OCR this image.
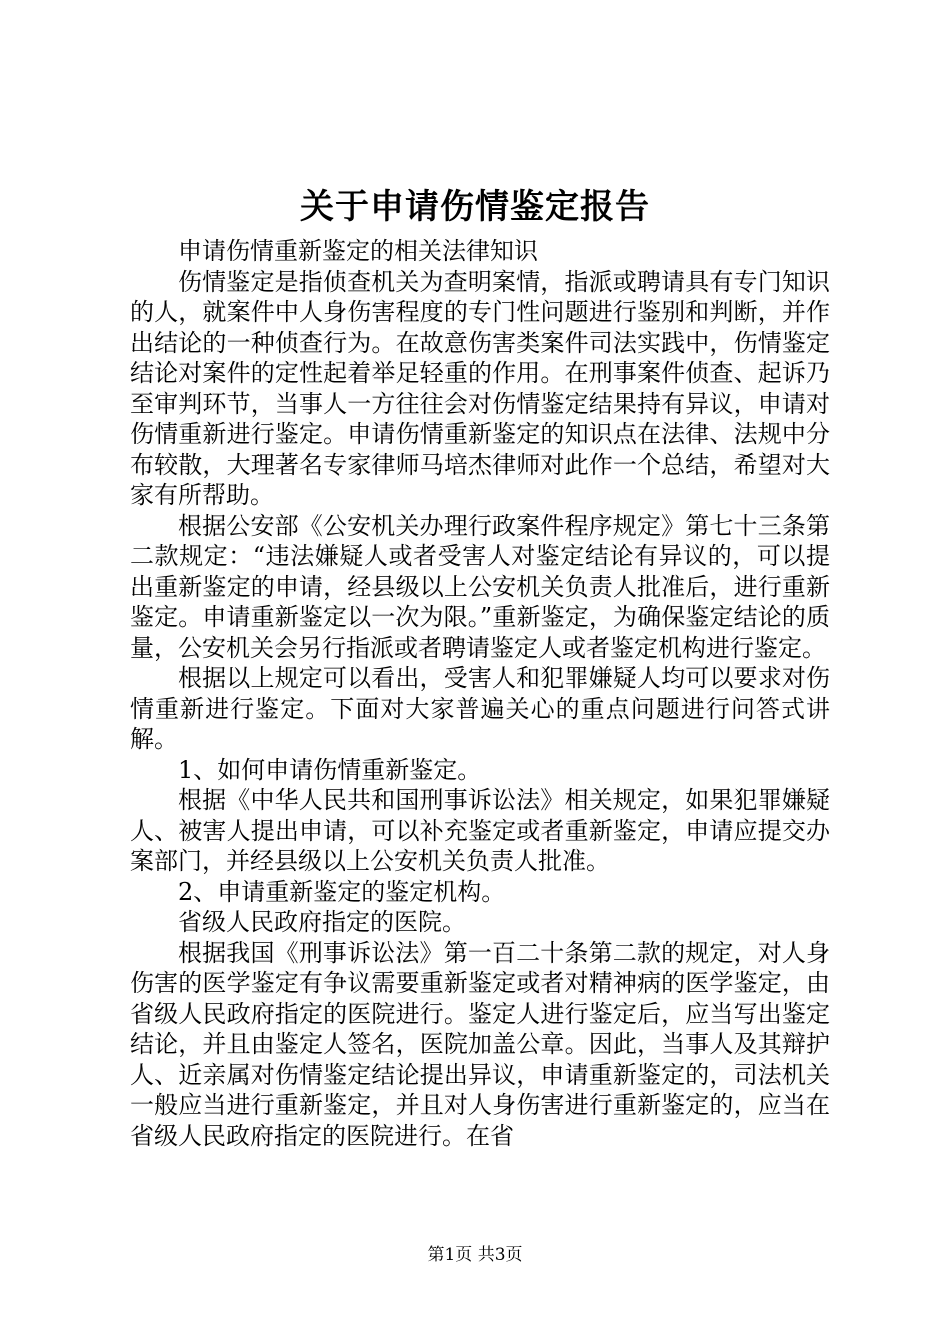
关于申请伤情鉴定报告

申请伤情重新鉴定的相关法律知识

伤情鉴定是指侦查机关为查明案情，指派或聘请具有专门知识的人，就案件中人身伤害程度的专门性问题进行鉴别和判断，并作出结论的一种侦查行为。在故意伤害类案件司法实践中，伤情鉴定结论对案件的定性起着举足轻重的作用。在刑事案件侦查、起诉乃至审判环节，当事人一方往往会对伤情鉴定结果持有异议，申请对伤情重新进行鉴定。申请伤情重新鉴定的知识点在法律、法规中分布较散，大理著名专家律师马培杰律师对此作一个总结，希望对大家有所帮助。

根据公安部《公安机关办理行政案件程序规定》第七十三条第二款规定：“违法嫌疑人或者受害人对鉴定结论有异议的，可以提出重新鉴定的申请，经县级以上公安机关负责人批准后，进行重新鉴定。申请重新鉴定以一次为限。”重新鉴定，为确保鉴定结论的质量，公安机关会另行指派或者聘请鉴定人或者鉴定机构进行鉴定。

根据以上规定可以看出，受害人和犯罪嫌疑人均可以要求对伤情重新进行鉴定。下面对大家普遍关心的重点问题进行问答式讲解。

1、如何申请伤情重新鉴定。

根据《中华人民共和国刑事诉讼法》相关规定，如果犯罪嫌疑人、被害人提出申请，可以补充鉴定或者重新鉴定，申请应提交办案部门，并经县级以上公安机关负责人批准。

2、申请重新鉴定的鉴定机构。

省级人民政府指定的医院。

根据我国《刑事诉讼法》第一百二十条第二款的规定，对人身伤害的医学鉴定有争议需要重新鉴定或者对精神病的医学鉴定，由省级人民政府指定的医院进行。鉴定人进行鉴定后，应当写出鉴定结论，并且由鉴定人签名，医院加盖公章。因此，当事人及其辩护人、近亲属对伤情鉴定结论提出异议，申请重新鉴定的，司法机关一般应当进行重新鉴定，并且对人身伤害进行重新鉴定的，应当在省级人民政府指定的医院进行。在省

第1页 共3页
